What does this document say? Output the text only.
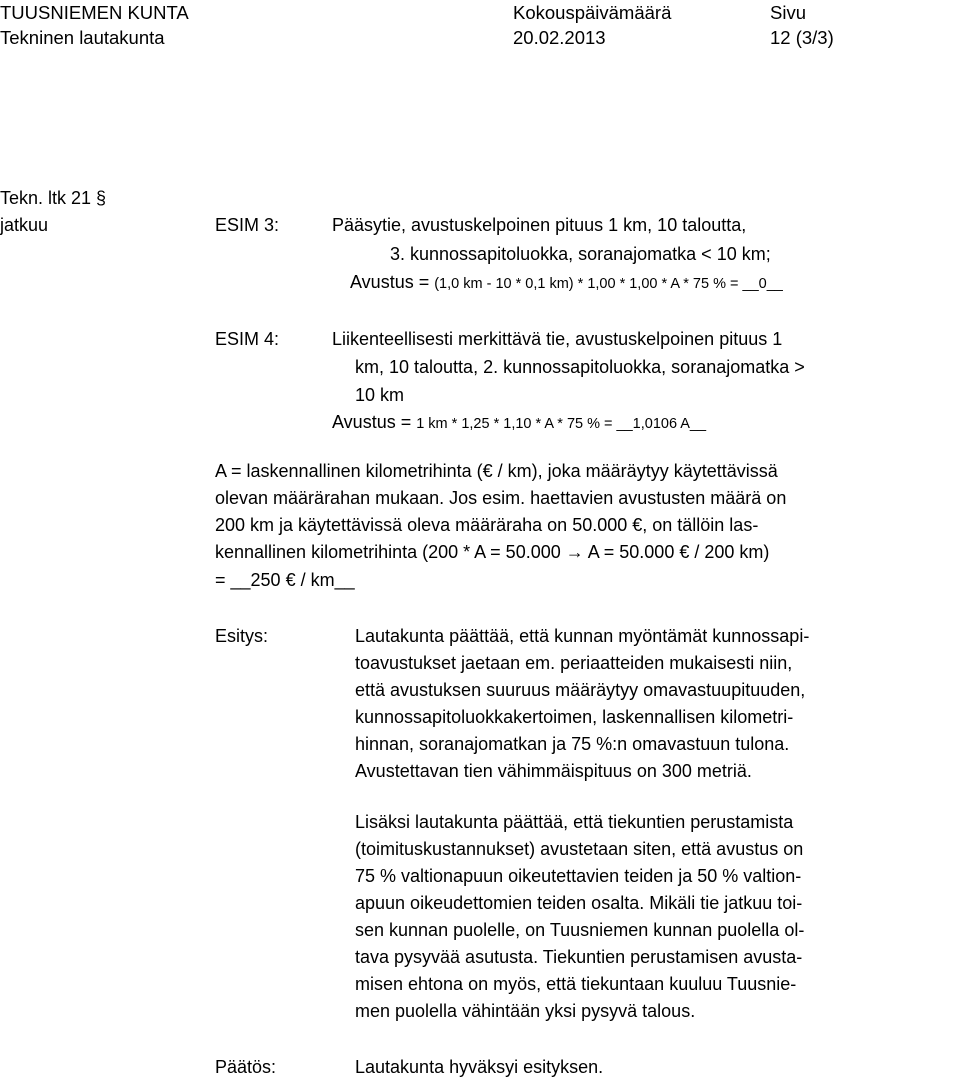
TUUSNIEMEN KUNTA
Tekninen lautakunta
Kokouspäivämäärä
20.02.2013
Sivu
12 (3/3)
Tekn. ltk 21 §
jatkuu	ESIM 3:	Pääsytie, avustuskelpoinen pituus 1 km, 10 taloutta,
3. kunnossapitoluokka, soranajomatka < 10 km;
Avustus = (1,0 km - 10 * 0,1 km) * 1,00 * 1,00 * A * 75 % = __0__
ESIM 4:	Liikenteellisesti merkittävä tie, avustuskelpoinen pituus 1
km, 10 taloutta, 2. kunnossapitoluokka, soranajomatka >
10 km
Avustus = 1 km * 1,25 * 1,10 * A * 75 % = __1,0106 A__
A = laskennallinen kilometrihinta (€ / km), joka määräytyy käytettävissä
olevan määrärahan mukaan. Jos esim. haettavien avustusten määrä on
200 km ja käytettävissä oleva määräraha on 50.000 €, on tällöin las-
kennallinen kilometrihinta (200 * A = 50.000 → A = 50.000 € / 200 km)
= __250 € / km__
Esitys:	Lautakunta päättää, että kunnan myöntämät kunnossapi-
toavustukset jaetaan em. periaatteiden mukaisesti niin,
että avustuksen suuruus määräytyy omavastuupituuden,
kunnossapitoluokkakertoimen, laskennallisen kilometri-
hinnan, soranajomatkan ja 75 %:n omavastuun tulona.
Avustettavan tien vähimmäispituus on 300 metriä.
Lisäksi lautakunta päättää, että tiekuntien perustamista
(toimituskustannukset) avustetaan siten, että avustus on
75 % valtionapuun oikeutettavien teiden ja 50 % valtion-
apuun oikeudettomien teiden osalta. Mikäli tie jatkuu toi-
sen kunnan puolelle, on Tuusniemen kunnan puolella ol-
tava pysyvää asutusta. Tiekuntien perustamisen avusta-
misen ehtona on myös, että tiekuntaan kuuluu Tuusnie-
men puolella vähintään yksi pysyvä talous.
Päätös:	Lautakunta hyväksyi esityksen.
